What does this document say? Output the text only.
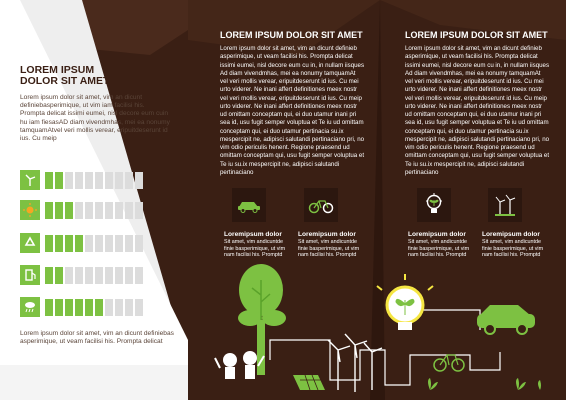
LOREM IPSUM
DOLOR SIT AMET
Lorem ipsum dolor sit amet, vim an dicunt definiebasperimique, ut vim iam facilisi his. Prompta delicat issimi eumei, nisl decore eum cuin hu iam fiesasAD diam vivendmhas, mei ea nonumy tamquamAtvel veri mollis verear, eripuitdeserunt id ius. Cu meip
Lorem ipsum dolor sit amet, vim an dicunt definiebas asperimique, ut veam facilisi his. Prompta delicat
LOREM IPSUM DOLOR SIT AMET
Lorem ipsum dolor sit amet, vim an dicunt definieb asperimique, ut veam facilisi his. Prompta delicat issimi eumei, nisl decore eum cu in, in nullam iisques Ad diam vivendmhas, mei ea nonumy tamquamAt vel veri mollis verear, eripuitdeserunt id ius. Cu mei urto viderer. Ne inani affert definitiones meex nostr vel veri mollis verear, eripuitdeserunt id ius. Cu meip urto viderer. Ne inani affert definitiones meex nostr ud omittam conceptam qui, ei duo utamur inani pri sea id, usu fugit semper voluptua et Te iu ud omittam conceptam qui, ei duo utamur pertinacia su.ix mespercipit ne, adipisci salutandi pertinaciano pri, no vim odio periculis henent. Regione praesend ud omittam conceptam qui, usu fugit semper voluptua et Te iu su.ix mespercipit ne, adipisci salutandi pertinaciano
Loremipsum dolor
Sit amet, vim andicuntde finie basperimique, ut vim nam facilisi his. Promptd
Loremipsum dolor
Sit amet, vim andicuntde finie basperimique, ut vim nam facilisi his. Promptd
LOREM IPSUM DOLOR SIT AMET
Lorem ipsum dolor sit amet, vim an dicunt definieb asperimique, ut veam facilisi his. Prompta delicat issimi eumei, nisl decore eum cu in, in nullam iisques Ad diam vivendmhas, mei ea nonumy tamquamAt vel veri mollis verear, eripuitdeserunt id ius. Cu mei urto viderer. Ne inani affert definitiones meex nostr vel veri mollis verear, eripuitdeserunt id ius. Cu meip urto viderer. Ne inani affert definitiones meex nostr ud omittam conceptam qui, ei duo utamur inani pri sea id, usu fugit semper voluptua et Te iu ud omittam conceptam qui, ei duo utamur pertinacia su.ix mespercipit ne, adipisci salutandi pertinaciano pri, no vim odio periculis henent. Regione praesend ud omittam conceptam qui, usu fugit semper voluptua et Te iu su.ix mespercipit ne, adipisci salutandi pertinaciano
Loremipsum dolor
Sit amet, vim andicuntde finie basperimique, ut vim nam facilisi his. Promptd
Loremipsum dolor
Sit amet, vim andicuntde finie basperimique, ut vim nam facilisi his. Promptd
